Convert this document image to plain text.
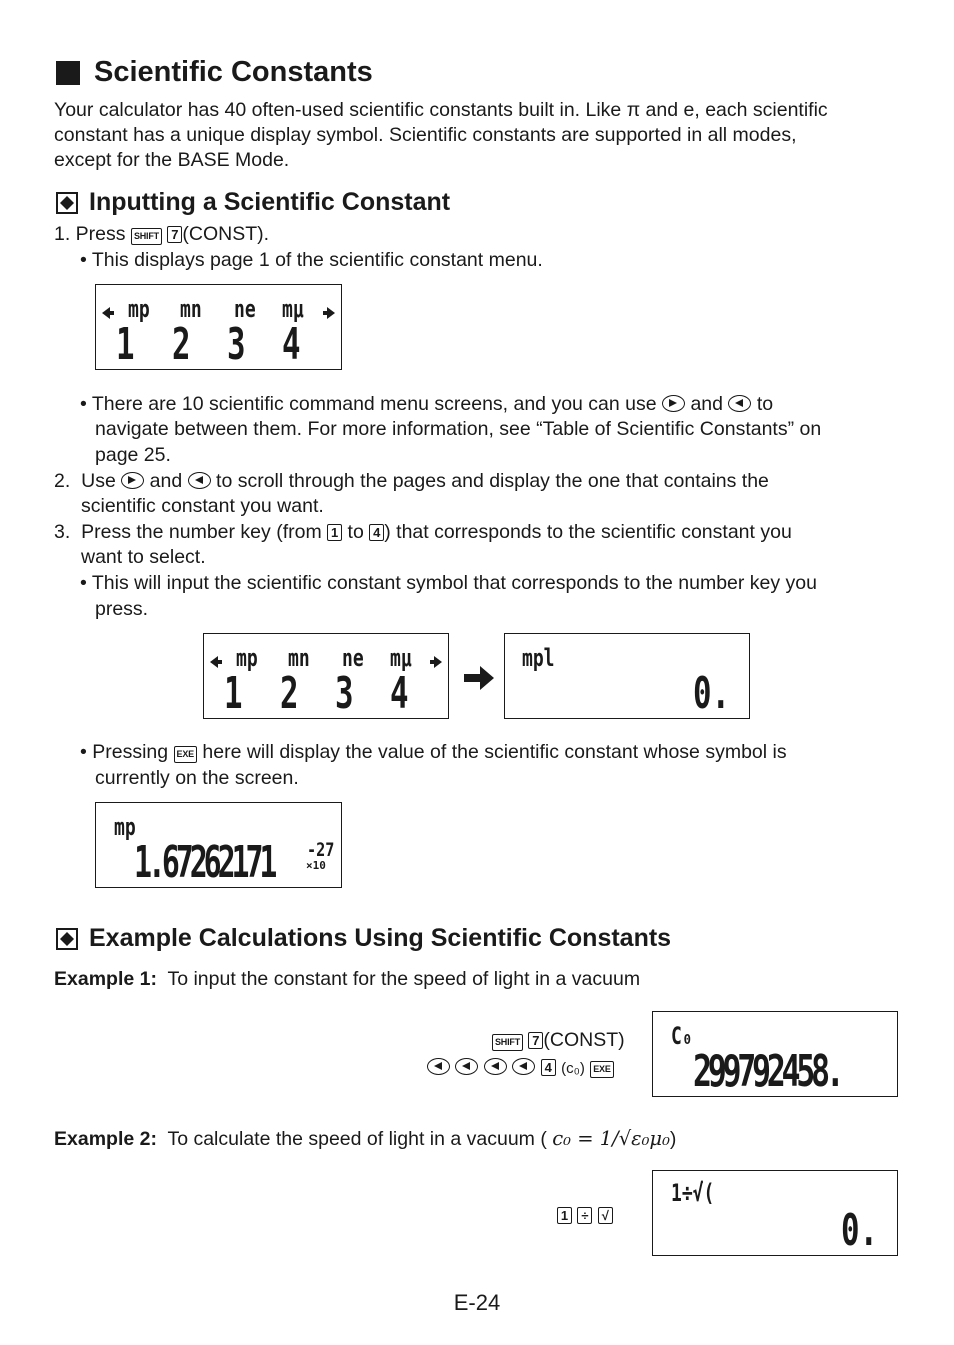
Scientific Constants
Your calculator has 40 often-used scientific constants built in. Like π and e, each scientific
constant has a unique display symbol. Scientific constants are supported in all modes,
except for the BASE Mode.
Inputting a Scientific Constant
1. Press SHIFT 7 (CONST).
• This displays page 1 of the scientific constant menu.
mp mn ne mμ
1 2 3 4
• There are 10 scientific command menu screens, and you can use and to
navigate between them. For more information, see “Table of Scientific Constants” on
page 25.
2. Use and to scroll through the pages and display the one that contains the
scientific constant you want.
3. Press the number key (from 1 to 4 ) that corresponds to the scientific constant you
want to select.
• This will input the scientific constant symbol that corresponds to the number key you
press.
mp mn ne mμ
1 2 3 4
mpl
0.
• Pressing EXE here will display the value of the scientific constant whose symbol is
currently on the screen.
mp
1.67262171 -27
×10
Example Calculations Using Scientific Constants
Example 1: To input the constant for the speed of light in a vacuum
SHIFT 7 (CONST)

4 (c₀) EXE
C₀
299792458.
Example 2: To calculate the speed of light in a vacuum ( c₀ = 1/√ε₀μ₀)
1 ÷ √
1÷√(
0.
E-24
